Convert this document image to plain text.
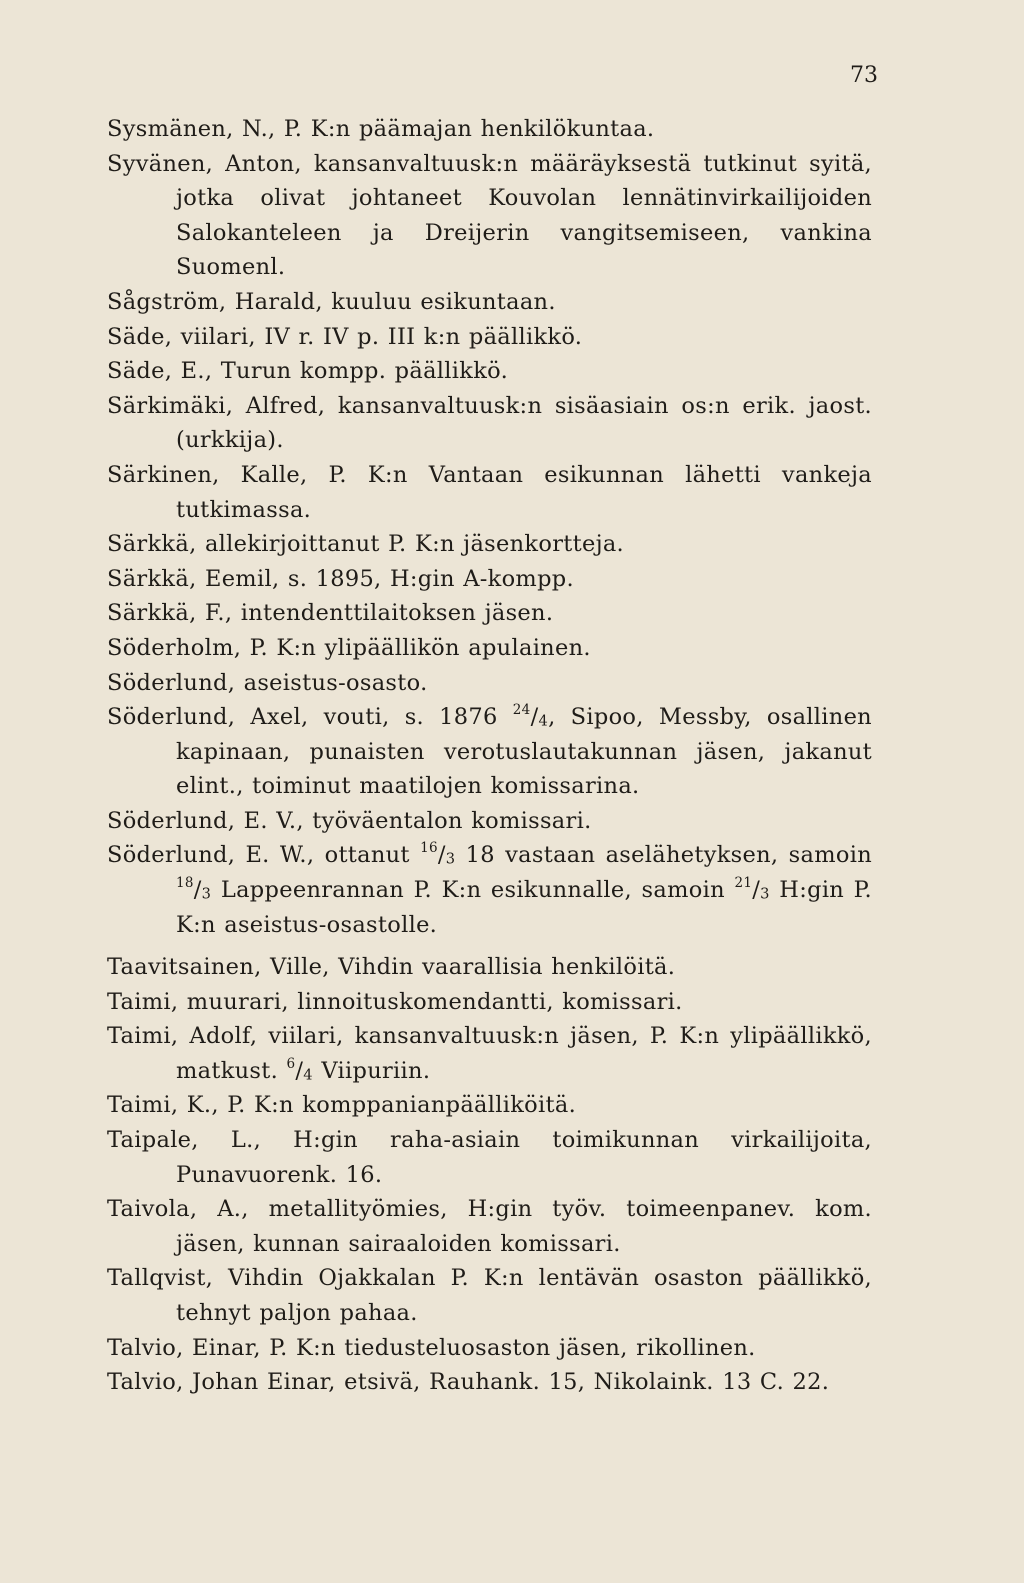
73
Sysmänen, N., P. K:n päämajan henkilökuntaa.
Syvänen, Anton, kansanvaltuusk:n määräyksestä tutkinut syitä, jotka olivat johtaneet Kouvolan lennätinvirkailijoiden Salokanteleen ja Dreijerin vangitsemiseen, vankina Suomenl.
Sågström, Harald, kuuluu esikuntaan.
Säde, viilari, IV r. IV p. III k:n päällikkö.
Säde, E., Turun kompp. päällikkö.
Särkimäki, Alfred, kansanvaltuusk:n sisäasiain os:n erik. jaost. (urkkija).
Särkinen, Kalle, P. K:n Vantaan esikunnan lähetti vankeja tutkimassa.
Särkkä, allekirjoittanut P. K:n jäsenkortteja.
Särkkä, Eemil, s. 1895, H:gin A-kompp.
Särkkä, F., intendenttilaitoksen jäsen.
Söderholm, P. K:n ylipäällikön apulainen.
Söderlund, aseistus-osasto.
Söderlund, Axel, vouti, s. 1876 $^{24}/_4$, Sipoo, Messby, osallinen kapinaan, punaisten verotuslautakunnan jäsen, jakanut elint., toiminut maatilojen komissarina.
Söderlund, E. V., työväentalon komissari.
Söderlund, E. W., ottanut $^{16}/_3$ 18 vastaan aselähetyksen, samoin $^{18}/_3$ Lappeenrannan P. K:n esikunnalle, samoin $^{21}/_3$ H:gin P. K:n aseistus-osastolle.
Taavitsainen, Ville, Vihdin vaarallisia henkilöitä.
Taimi, muurari, linnoituskomendantti, komissari.
Taimi, Adolf, viilari, kansanvaltuusk:n jäsen, P. K:n ylipäällikkö, matkust. $^6/_4$ Viipuriin.
Taimi, K., P. K:n komppanianpäälliköitä.
Taipale, L., H:gin raha-asiain toimikunnan virkailijoita, Punavuorenk. 16.
Taivola, A., metallityömies, H:gin työv. toimeenpanev. kom. jäsen, kunnan sairaaloiden komissari.
Tallqvist, Vihdin Ojakkalan P. K:n lentävän osaston päällikkö, tehnyt paljon pahaa.
Talvio, Einar, P. K:n tiedusteluosaston jäsen, rikollinen.
Talvio, Johan Einar, etsivä, Rauhank. 15, Nikolaink. 13 C. 22.
